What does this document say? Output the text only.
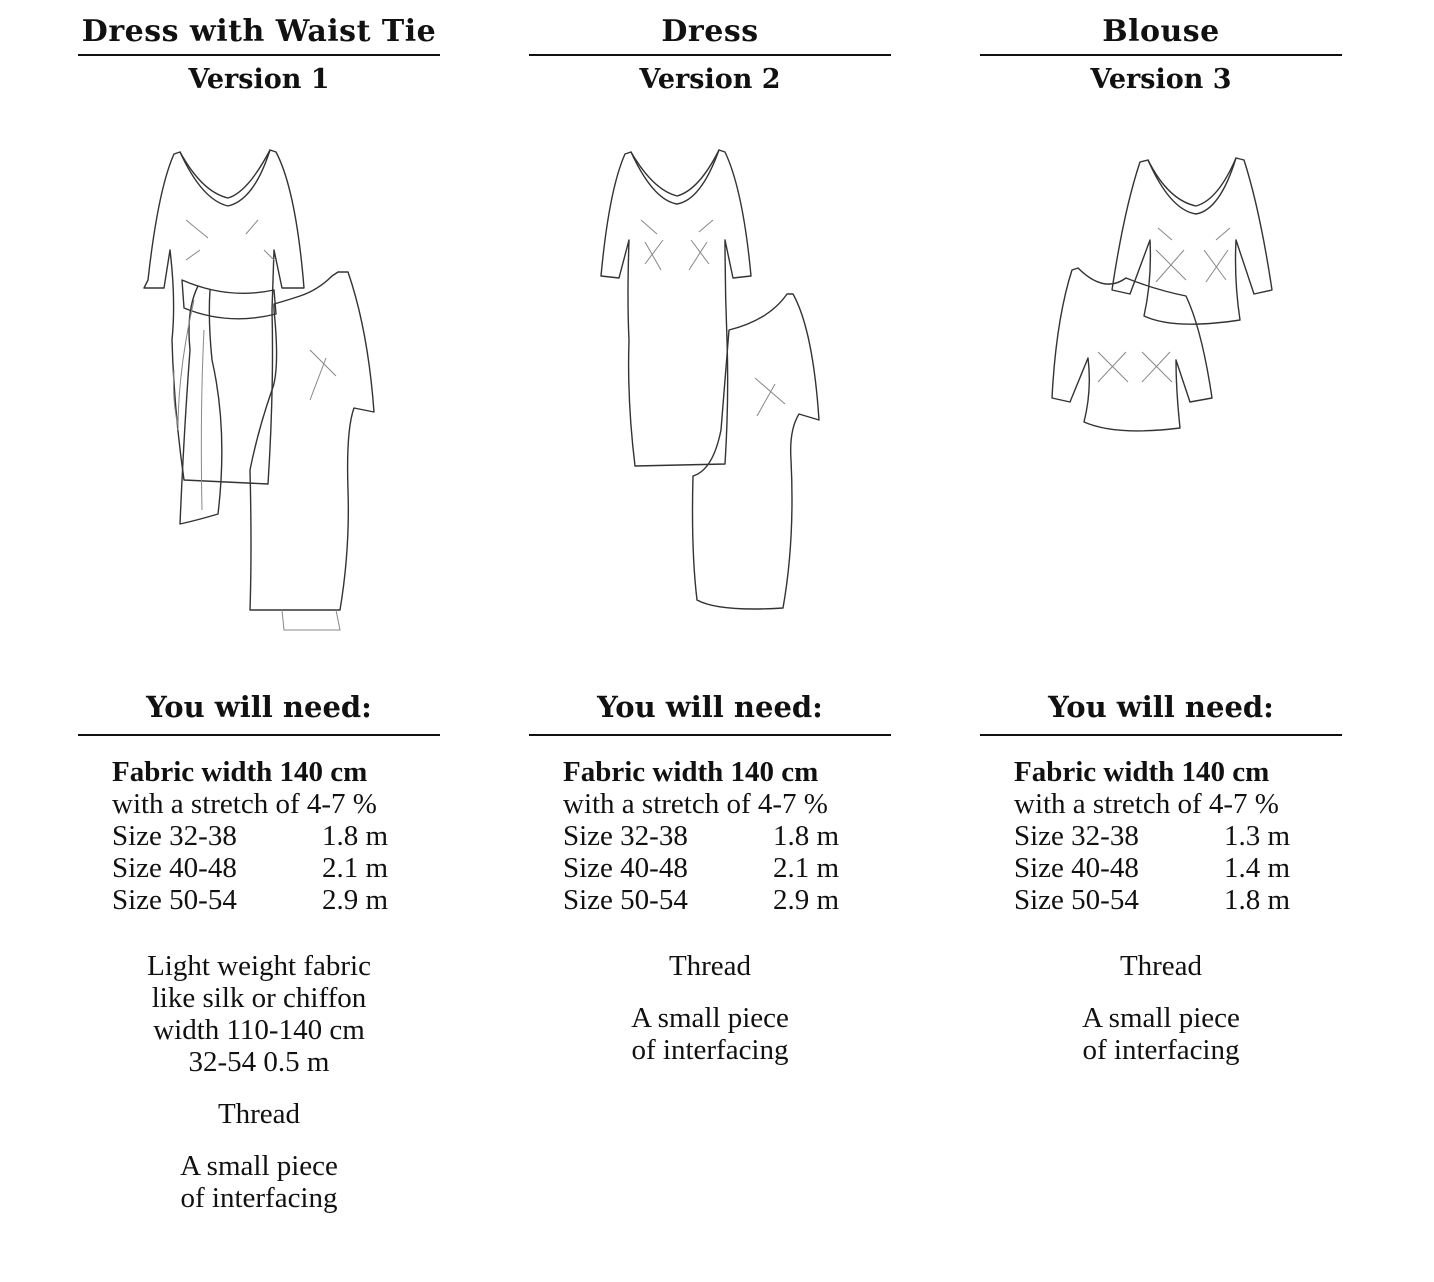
Dress with Waist Tie
Version 1
You will need:
Fabric width 140 cm
with a stretch of 4-7 %
Size 32-38	1.8 m
Size 40-48	2.1 m
Size 50-54	2.9 m
Light weight fabric
like silk or chiffon
width 110-140 cm
32-54 0.5 m
Thread
A small piece
of interfacing
Dress
Version 2
You will need:
Fabric width 140 cm
with a stretch of 4-7 %
Size 32-38	1.8 m
Size 40-48	2.1 m
Size 50-54	2.9 m
Thread
A small piece
of interfacing
Blouse
Version 3
You will need:
Fabric width 140 cm
with a stretch of 4-7 %
Size 32-38	1.3 m
Size 40-48	1.4 m
Size 50-54	1.8 m
Thread
A small piece
of interfacing
